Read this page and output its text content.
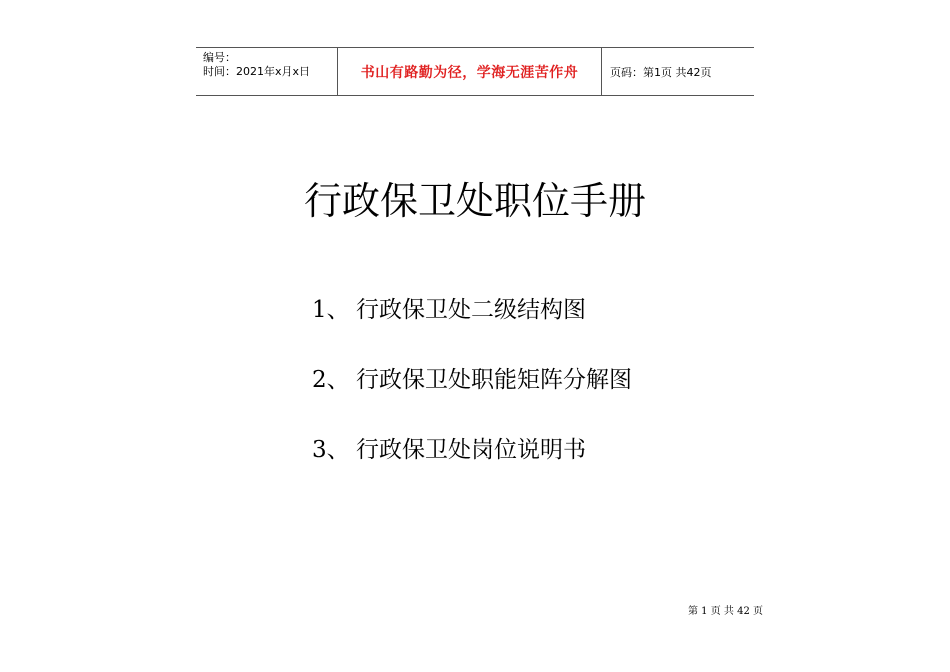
编号：
时间：2021年x月x日	书山有路勤为径，学海无涯苦作舟	页码：第1页 共42页
行政保卫处职位手册
1、 行政保卫处二级结构图
2、 行政保卫处职能矩阵分解图
3、 行政保卫处岗位说明书
第 1 页 共 42 页
